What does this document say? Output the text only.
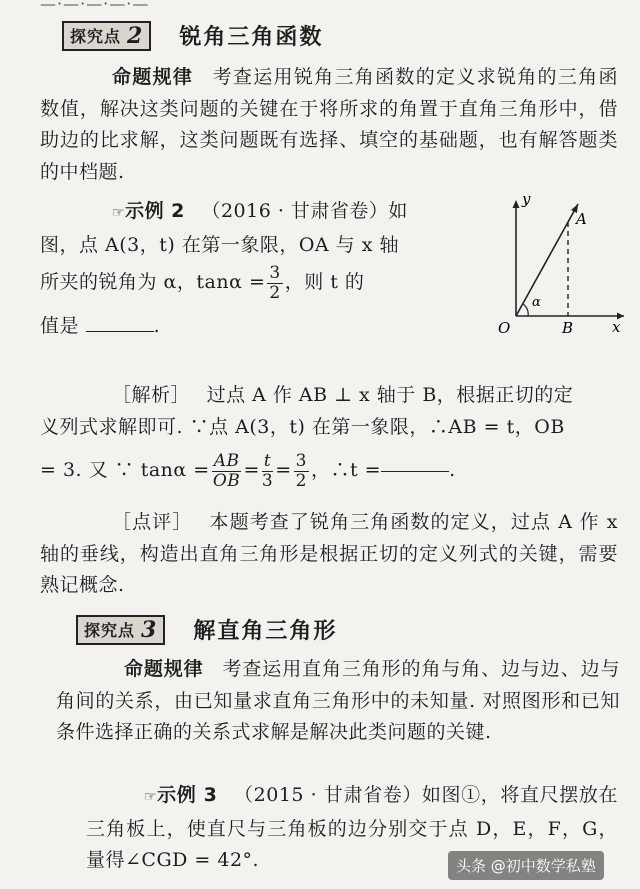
—·—·—·—·—
探究点 2 锐角三角函数
命题规律 考查运用锐角三角函数的定义求锐角的三角函数值，解决这类问题的关键在于将所求的角置于直角三角形中，借助边的比求解，这类问题既有选择、填空的基础题，也有解答题类的中档题.
☞示例 2 （2016 · 甘肃省卷）如
图，点 A(3，t) 在第一象限，OA 与 x 轴
所夹的锐角为 α，$\tan\alpha = \frac{3}{2}$ ，则 t 的
值是	.
y
x
O	B
A
α
［解析］ 过点 A 作 AB ⊥ x 轴于 B，根据正切的定
义列式求解即可. ∵点 A(3，t) 在第一象限，∴AB = t，OB
= 3. 又 ∵ $\tan\alpha = \frac{AB}{OB} = \frac{t}{3} = \frac{3}{2}$ ，∴t =	.
［点评］ 本题考查了锐角三角函数的定义，过点 A 作 x 轴的垂线，构造出直角三角形是根据正切的定义列式的关键，需要熟记概念.
探究点 3 解直角三角形
命题规律 考查运用直角三角形的角与角、边与边、边与角间的关系，由已知量求直角三角形中的未知量. 对照图形和已知条件选择正确的关系式求解是解决此类问题的关键.
☞示例 3 （2015 · 甘肃省卷）如图①，将直尺摆放在三角板上，使直尺与三角板的边分别交于点 D，E，F，G，量得∠CGD = 42°.	头条 @初中数学私塾
